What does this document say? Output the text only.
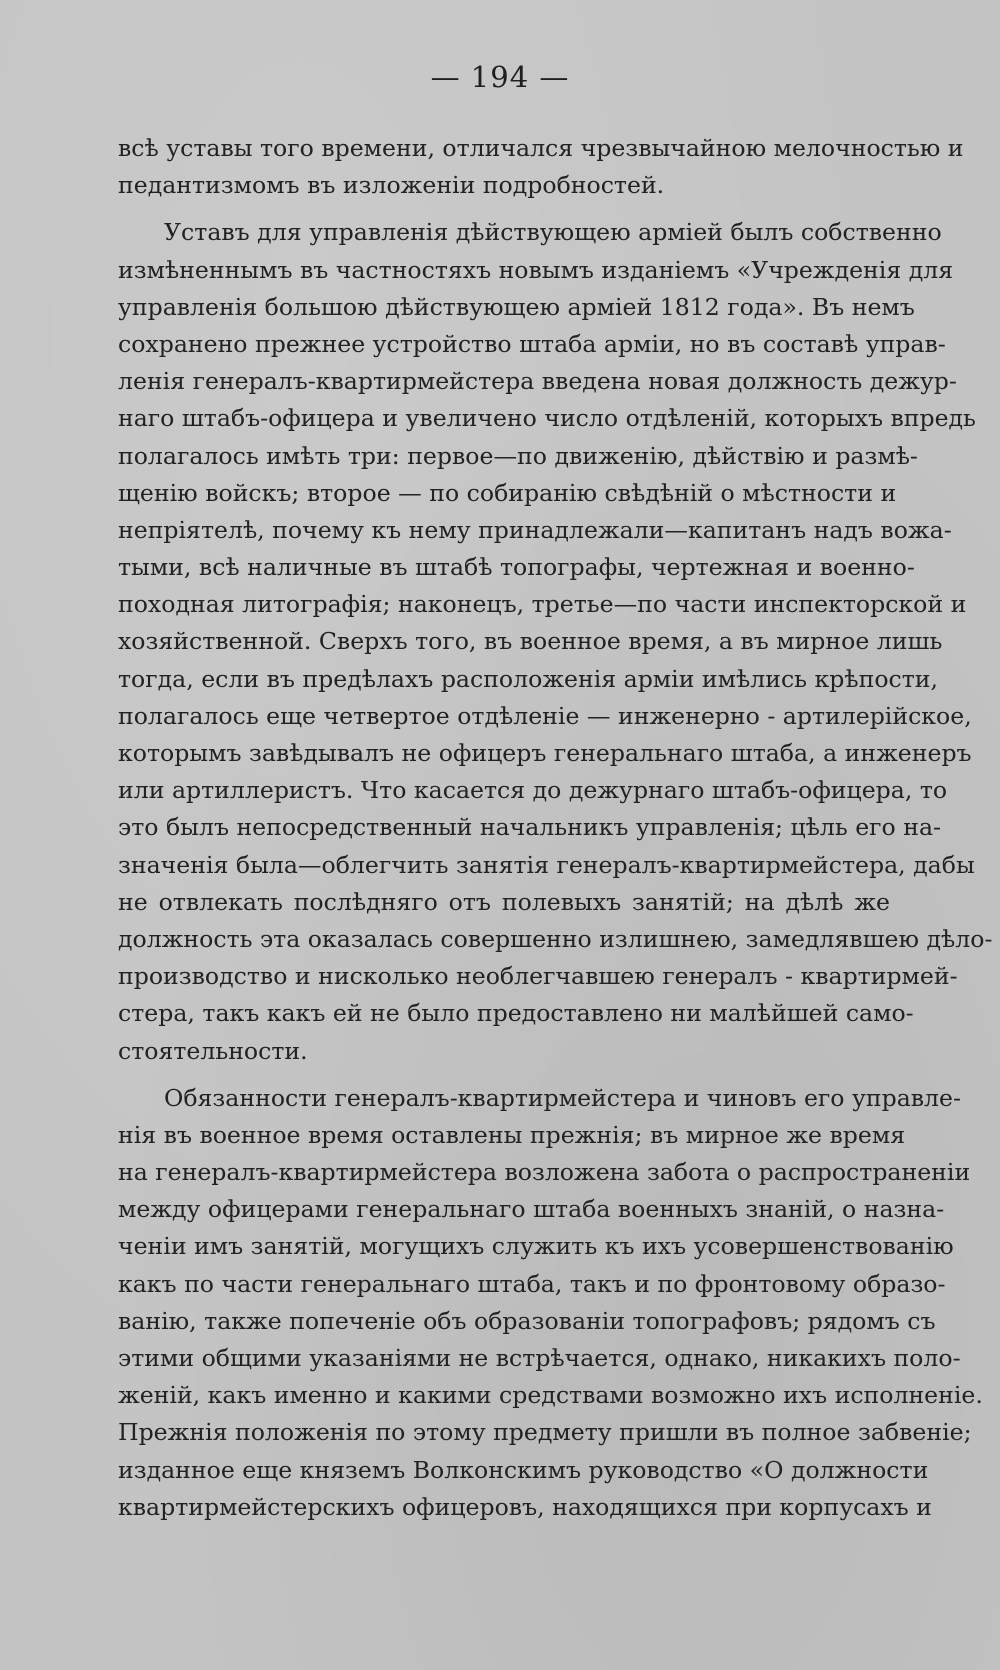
— 194 —
всѣ уставы того времени, отличался чрезвычайною мелочностью и
педантизмомъ въ изложеніи подробностей.
Уставъ для управленія дѣйствующею арміей былъ собственно
измѣненнымъ въ частностяхъ новымъ изданіемъ «Учрежденія для
управленія большою дѣйствующею арміей 1812 года». Въ немъ
сохранено прежнее устройство штаба арміи, но въ составѣ управ-
ленія генералъ-квартирмейстера введена новая должность дежур-
наго штабъ-офицера и увеличено число отдѣленій, которыхъ впредь
полагалось имѣть три: первое—по движенію, дѣйствію и размѣ-
щенію войскъ; второе — по собиранію свѣдѣній о мѣстности и
непріятелѣ, почему къ нему принадлежали—капитанъ надъ вожа-
тыми, всѣ наличные въ штабѣ топографы, чертежная и военно-
походная литографія; наконецъ, третье—по части инспекторской и
хозяйственной. Сверхъ того, въ военное время, а въ мирное лишь
тогда, если въ предѣлахъ расположенія арміи имѣлись крѣпости,
полагалось еще четвертое отдѣленіе — инженерно - артилерійское,
которымъ завѣдывалъ не офицеръ генеральнаго штаба, а инженеръ
или артиллеристъ. Что касается до дежурнаго штабъ-офицера, то
это былъ непосредственный начальникъ управленія; цѣль его на-
значенія была—облегчить занятія генералъ-квартирмейстера, дабы
не отвлекать послѣдняго отъ полевыхъ занятій; на дѣлѣ же
должность эта оказалась совершенно излишнею, замедлявшею дѣло-
производство и нисколько необлегчавшею генералъ - квартирмей-
стера, такъ какъ ей не было предоставлено ни малѣйшей само-
стоятельности.
Обязанности генералъ-квартирмейстера и чиновъ его управле-
нія въ военное время оставлены прежнія; въ мирное же время
на генералъ-квартирмейстера возложена забота о распространеніи
между офицерами генеральнаго штаба военныхъ знаній, о назна-
ченіи имъ занятій, могущихъ служить къ ихъ усовершенствованію
какъ по части генеральнаго штаба, такъ и по фронтовому образо-
ванію, также попеченіе объ образованіи топографовъ; рядомъ съ
этими общими указаніями не встрѣчается, однако, никакихъ поло-
женій, какъ именно и какими средствами возможно ихъ исполненіе.
Прежнія положенія по этому предмету пришли въ полное забвеніе;
изданное еще княземъ Волконскимъ руководство «О должности
квартирмейстерскихъ офицеровъ, находящихся при корпусахъ и
